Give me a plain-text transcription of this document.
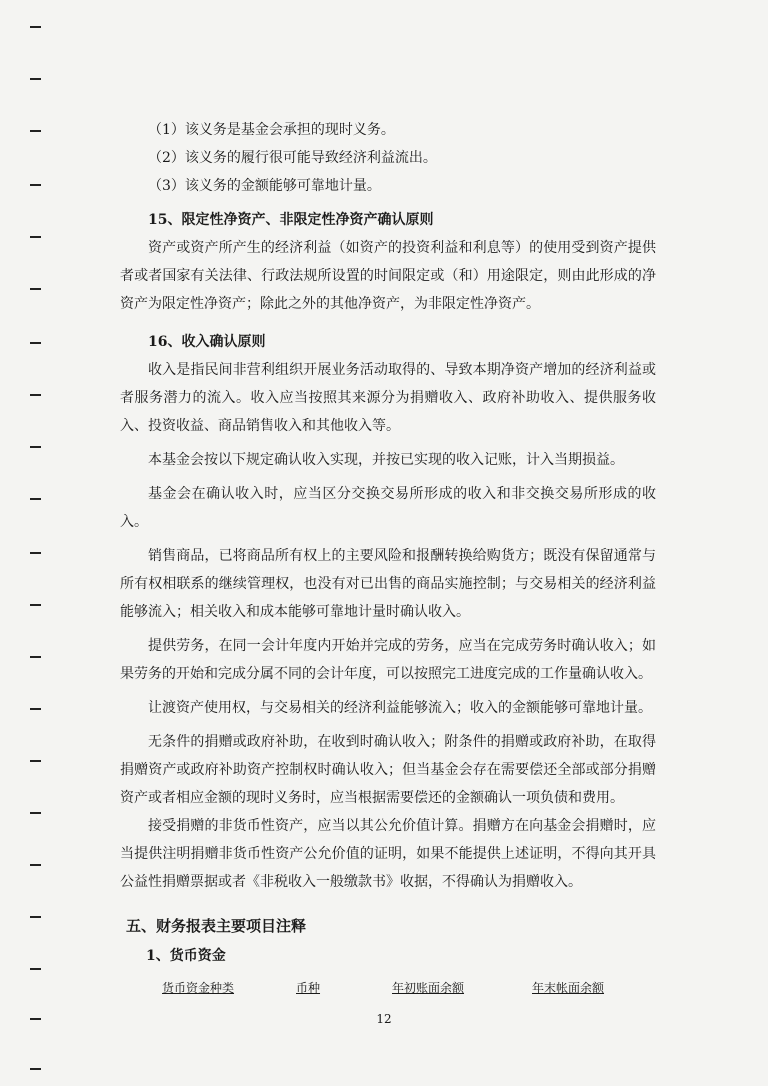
（1）该义务是基金会承担的现时义务。

（2）该义务的履行很可能导致经济利益流出。

（3）该义务的金额能够可靠地计量。

15、限定性净资产、非限定性净资产确认原则

资产或资产所产生的经济利益（如资产的投资利益和利息等）的使用受到资产提供者或者国家有关法律、行政法规所设置的时间限定或（和）用途限定，则由此形成的净资产为限定性净资产；除此之外的其他净资产，为非限定性净资产。

16、收入确认原则

收入是指民间非营利组织开展业务活动取得的、导致本期净资产增加的经济利益或者服务潜力的流入。收入应当按照其来源分为捐赠收入、政府补助收入、提供服务收入、投资收益、商品销售收入和其他收入等。

本基金会按以下规定确认收入实现，并按已实现的收入记账，计入当期损益。

基金会在确认收入时，应当区分交换交易所形成的收入和非交换交易所形成的收入。

销售商品，已将商品所有权上的主要风险和报酬转换给购货方；既没有保留通常与所有权相联系的继续管理权，也没有对已出售的商品实施控制；与交易相关的经济利益能够流入；相关收入和成本能够可靠地计量时确认收入。

提供劳务，在同一会计年度内开始并完成的劳务，应当在完成劳务时确认收入；如果劳务的开始和完成分属不同的会计年度，可以按照完工进度完成的工作量确认收入。

让渡资产使用权，与交易相关的经济利益能够流入；收入的金额能够可靠地计量。

无条件的捐赠或政府补助，在收到时确认收入；附条件的捐赠或政府补助，在取得捐赠资产或政府补助资产控制权时确认收入；但当基金会存在需要偿还全部或部分捐赠资产或者相应金额的现时义务时，应当根据需要偿还的金额确认一项负债和费用。

接受捐赠的非货币性资产，应当以其公允价值计算。捐赠方在向基金会捐赠时，应当提供注明捐赠非货币性资产公允价值的证明，如果不能提供上述证明，不得向其开具公益性捐赠票据或者《非税收入一般缴款书》收据，不得确认为捐赠收入。

五、财务报表主要项目注释

1、货币资金

货币资金种类	币种	年初账面余额	年末帐面余额
12
